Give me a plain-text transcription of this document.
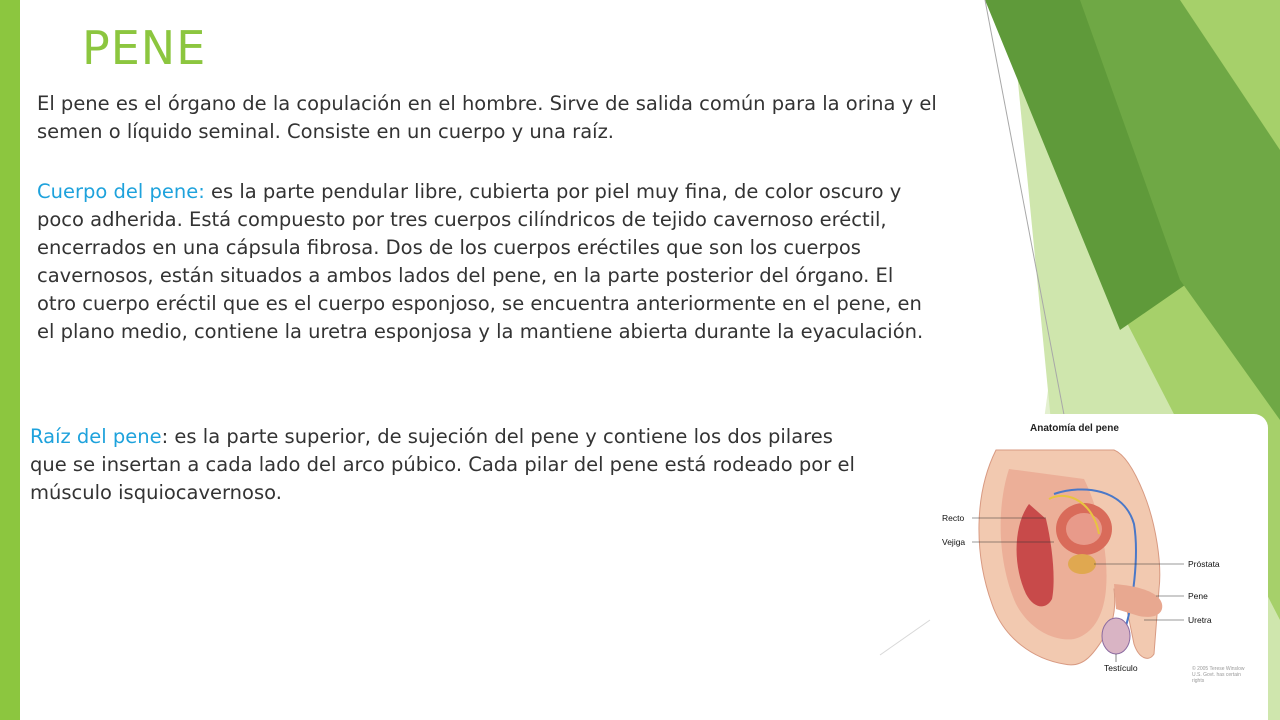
PENE

El pene es el órgano de la copulación en el hombre. Sirve de salida común para la orina y el semen o líquido seminal. Consiste en un cuerpo y una raíz.

Cuerpo del pene: es la parte pendular libre, cubierta por piel muy fina, de color oscuro y poco adherida. Está compuesto por tres cuerpos cilíndricos de tejido cavernoso eréctil, encerrados en una cápsula fibrosa. Dos de los cuerpos eréctiles que son los cuerpos cavernosos, están situados a ambos lados del pene, en la parte posterior del órgano. El otro cuerpo eréctil que es el cuerpo esponjoso, se encuentra anteriormente en el pene, en el plano medio, contiene la uretra esponjosa y la mantiene abierta durante la eyaculación.

Raíz del pene: es la parte superior, de sujeción del pene y contiene los dos pilares que se insertan a cada lado del arco púbico. Cada pilar del pene está rodeado por el músculo isquiocavernoso.

Anatomía del pene
Recto
Vejiga
Próstata
Pene
Uretra
Testículo	© 2005 Terese Winslow U.S. Govt. has certain rights
